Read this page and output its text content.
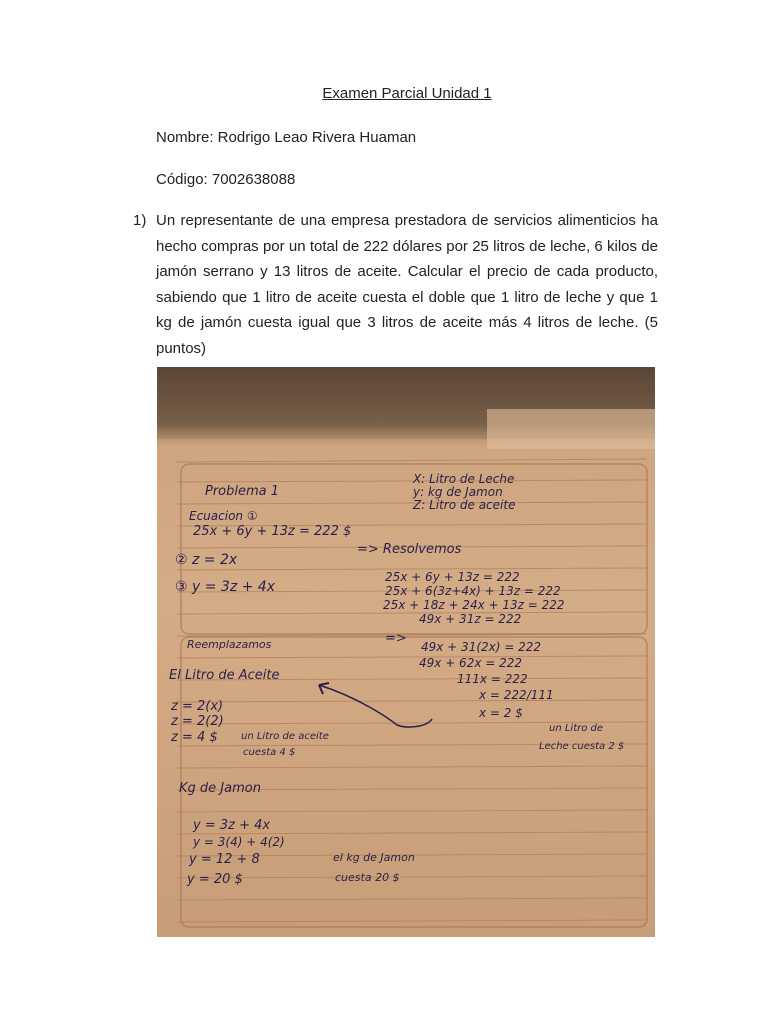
Examen Parcial Unidad 1
Nombre: Rodrigo Leao Rivera Huaman
Código: 7002638088
1) Un representante de una empresa prestadora de servicios alimenticios ha hecho compras por un total de 222 dólares por 25 litros de leche, 6 kilos de jamón serrano y 13 litros de aceite. Calcular el precio de cada producto, sabiendo que 1 litro de aceite cuesta el doble que 1 litro de leche y que 1 kg de jamón cuesta igual que 3 litros de aceite más 4 litros de leche. (5 puntos)
Problema 1
X: Litro de Leche
y: kg de Jamon
Z: Litro de aceite
Ecuacion ①
25x + 6y + 13z = 222 $
② z = 2x
③ y = 3z + 4x
=> Resolvemos
25x + 6y + 13z = 222
25x + 6(3z+4x) + 13z = 222
25x + 18z + 24x + 13z = 222
49x + 31z = 222
Reemplazamos	=>
49x + 31(2x) = 222
49x + 62x = 222
111x = 222
x = 222/111
x = 2 $
un Litro de
Leche cuesta 2 $
El Litro de Aceite
z = 2(x)
z = 2(2)
z = 4 $ un Litro de aceite
cuesta 4 $
Kg de Jamon
y = 3z + 4x
y = 3(4) + 4(2)
y = 12 + 8
y = 20 $
el kg de Jamon
cuesta 20 $
